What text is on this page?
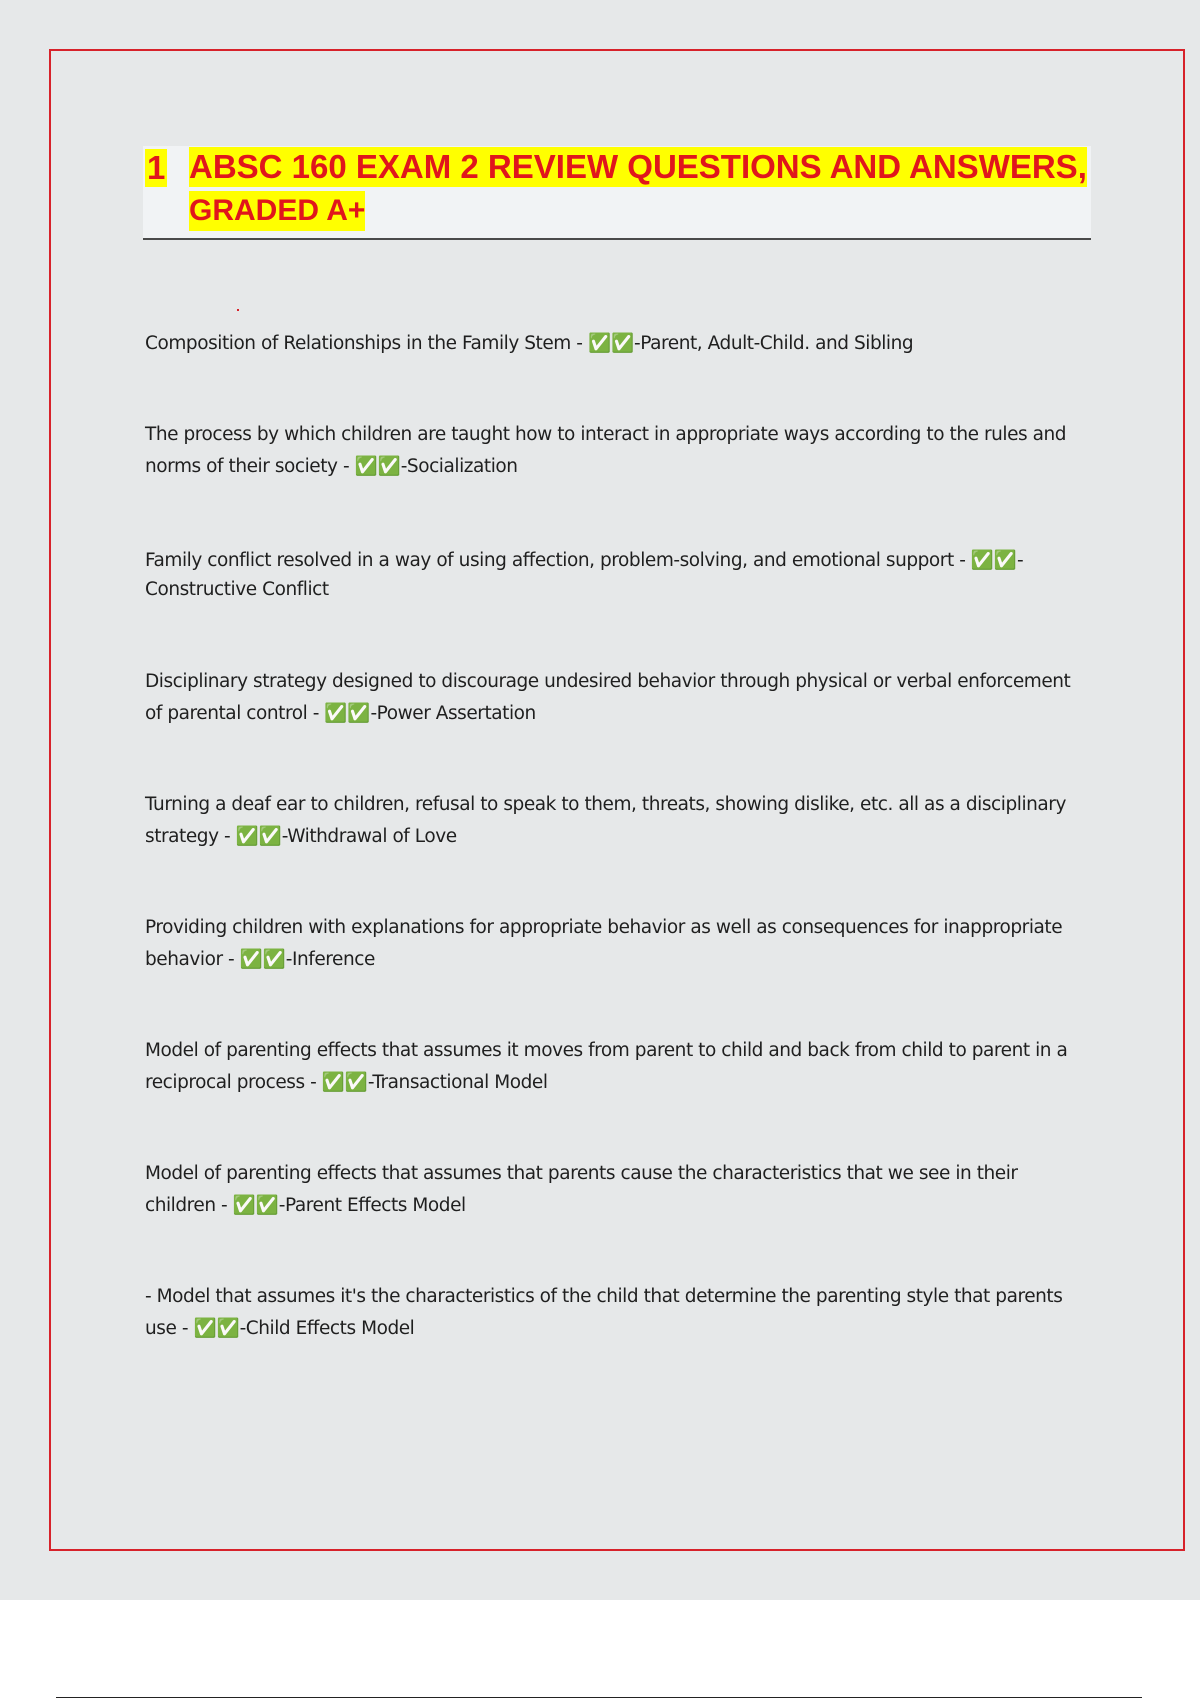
1 ABSC 160 EXAM 2 REVIEW QUESTIONS AND ANSWERS,
GRADED A+
Composition of Relationships in the Family Stem - ✅✅-Parent, Adult-Child. and Sibling
The process by which children are taught how to interact in appropriate ways according to the rules and norms of their society - ✅✅-Socialization
Family conflict resolved in a way of using affection, problem-solving, and emotional support - ✅✅-Constructive Conflict
Disciplinary strategy designed to discourage undesired behavior through physical or verbal enforcement of parental control - ✅✅-Power Assertation
Turning a deaf ear to children, refusal to speak to them, threats, showing dislike, etc. all as a disciplinary strategy - ✅✅-Withdrawal of Love
Providing children with explanations for appropriate behavior as well as consequences for inappropriate behavior - ✅✅-Inference
Model of parenting effects that assumes it moves from parent to child and back from child to parent in a reciprocal process - ✅✅-Transactional Model
Model of parenting effects that assumes that parents cause the characteristics that we see in their children - ✅✅-Parent Effects Model
- Model that assumes it's the characteristics of the child that determine the parenting style that parents use - ✅✅-Child Effects Model
